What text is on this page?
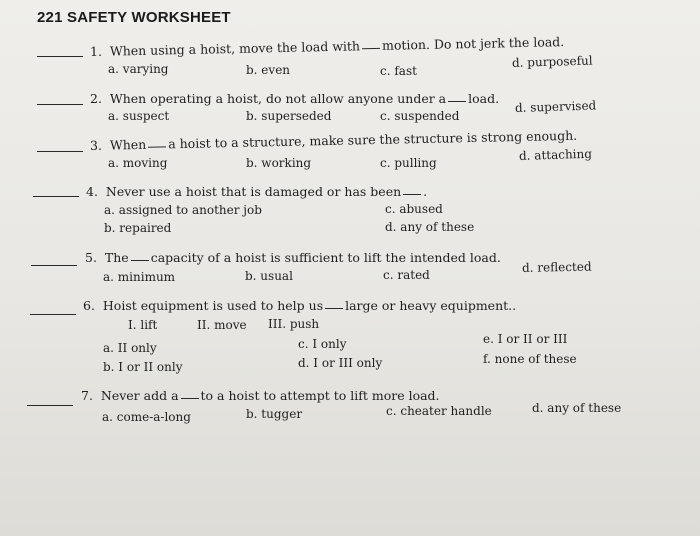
221 SAFETY WORKSHEET
1. When using a hoist, move the load with motion. Do not jerk the load.
a. varying	b. even	c. fast
d. purposeful
2. When operating a hoist, do not allow anyone under a load.
a. suspect	b. superseded	c. suspended
d. supervised
3. When a hoist to a structure, make sure the structure is strong enough.
a. moving	b. working	c. pulling
d. attaching
4. Never use a hoist that is damaged or has been .
a. assigned to another job
b. repaired
c. abused
d. any of these
5. The capacity of a hoist is sufficient to lift the intended load.
a. minimum	b. usual	c. rated
d. reflected
6. Hoist equipment is used to help us large or heavy equipment..
I. lift	II. move III. push
a. II only
b. I or II only
c. I only
d. I or III only
e. I or II or III
f. none of these
7. Never add a to a hoist to attempt to lift more load.
a. come-a-long	b. tugger	c. cheater handle	d. any of these
